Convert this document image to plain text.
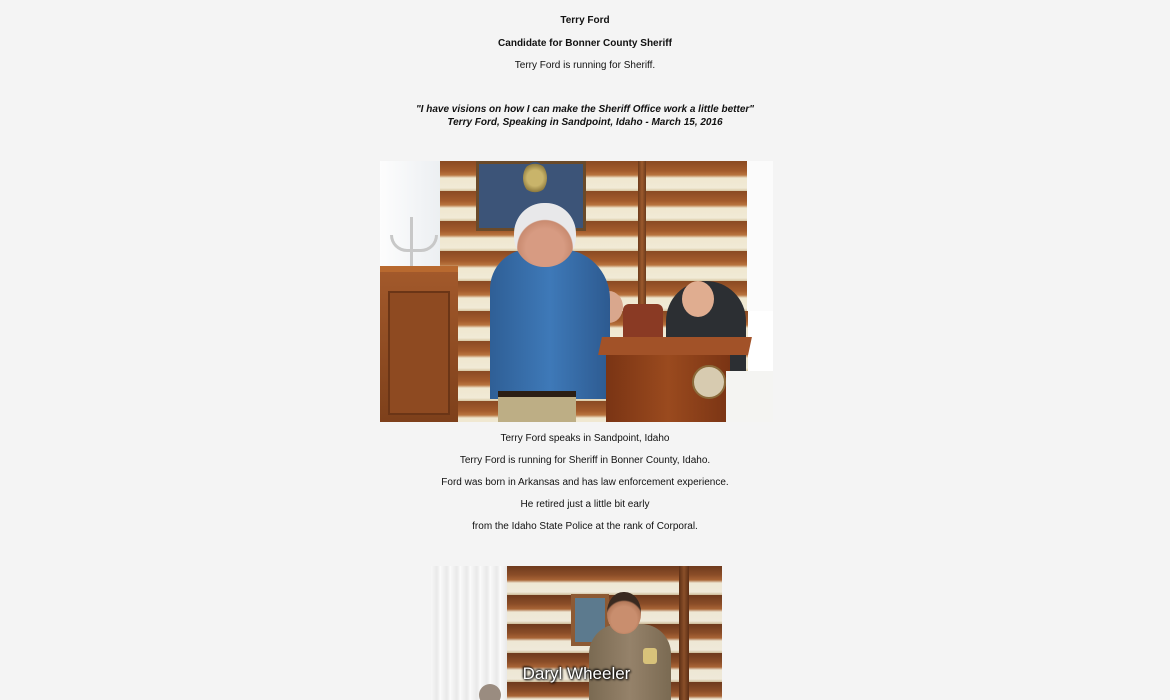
Terry Ford
Candidate for Bonner County Sheriff
Terry Ford is running for Sheriff.
"I have visions on how I can make the Sheriff Office work a little better"
Terry Ford, Speaking in Sandpoint, Idaho - March 15, 2016
Terry Ford speaks in Sandpoint, Idaho
Terry Ford is running for Sheriff in Bonner County, Idaho.
Ford was born in Arkansas and has law enforcement experience.
He retired just a little bit early
from the Idaho State Police at the rank of Corporal.
Daryl Wheeler
